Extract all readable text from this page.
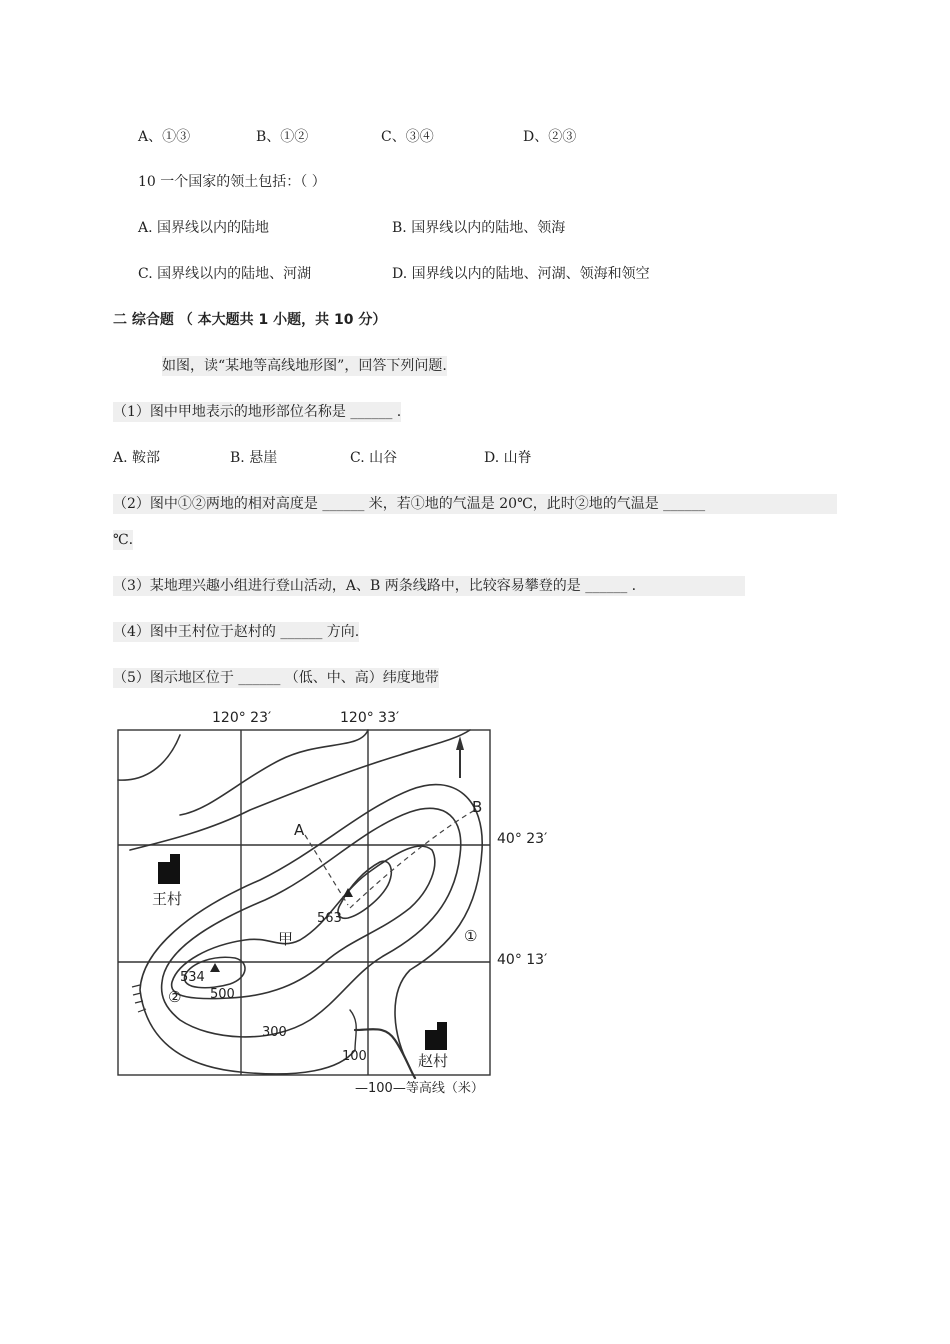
A、①③	B、①②	C、③④	D、②③
10 一个国家的领土包括：（ ）
A. 国界线以内的陆地	B. 国界线以内的陆地、领海
C. 国界线以内的陆地、河湖	D. 国界线以内的陆地、河湖、领海和领空
二 综合题 （ 本大题共 1 小题，共 10 分）
如图，读“某地等高线地形图”，回答下列问题.
（1）图中甲地表示的地形部位名称是 ______ .
A. 鞍部	B. 悬崖	C. 山谷	D. 山脊
（2）图中①②两地的相对高度是 ______ 米，若①地的气温是 20℃，此时②地的气温是 ______
℃.
（3）某地理兴趣小组进行登山活动，A、B 两条线路中，比较容易攀登的是 ______ .
（4）图中王村位于赵村的 ______ 方向.
（5）图示地区位于 ______ （低、中、高）纬度地带
120° 23′	120° 33′
40° 23′
40° 13′
A
B
563
534
500
300
100
王村
赵村
甲	①
②
—100—等高线（米）
